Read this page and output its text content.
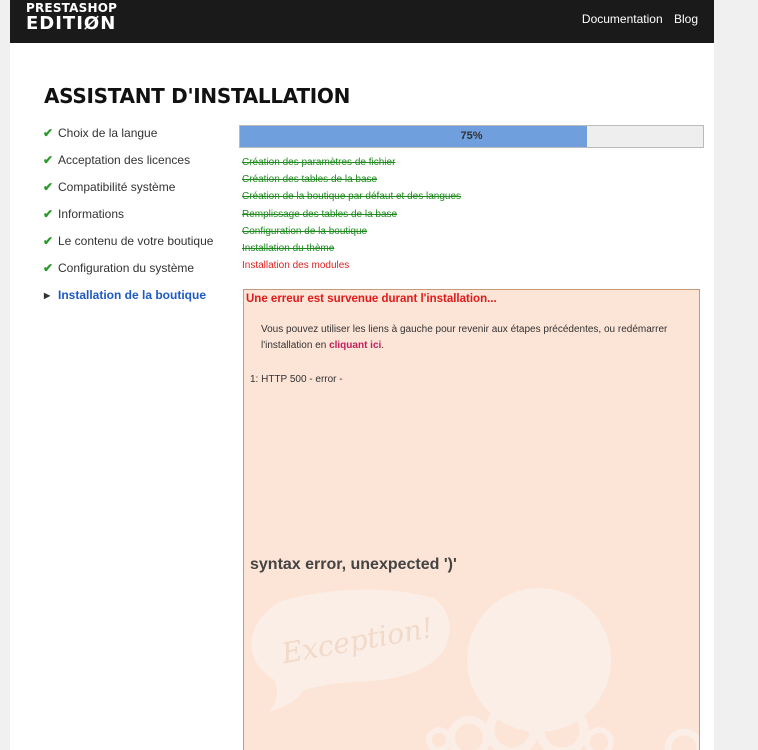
PRESTASHOP
EDITIØN	Documentation Blog
ASSISTANT D'INSTALLATION
✔ Choix de la langue
✔ Acceptation des licences
✔ Compatibilité système
✔ Informations
✔ Le contenu de votre boutique
✔ Configuration du système
▶ Installation de la boutique
75%
Création des paramètres de fichier
Création des tables de la base
Création de la boutique par défaut et des langues
Remplissage des tables de la base
Configuration de la boutique
Installation du thème
Installation des modules
Exception!
Une erreur est survenue durant l'installation...

Vous pouvez utiliser les liens à gauche pour revenir aux étapes précédentes, ou redémarrer l'installation en cliquant ici.

1: HTTP 500 - error -
syntax error, unexpected ')'
